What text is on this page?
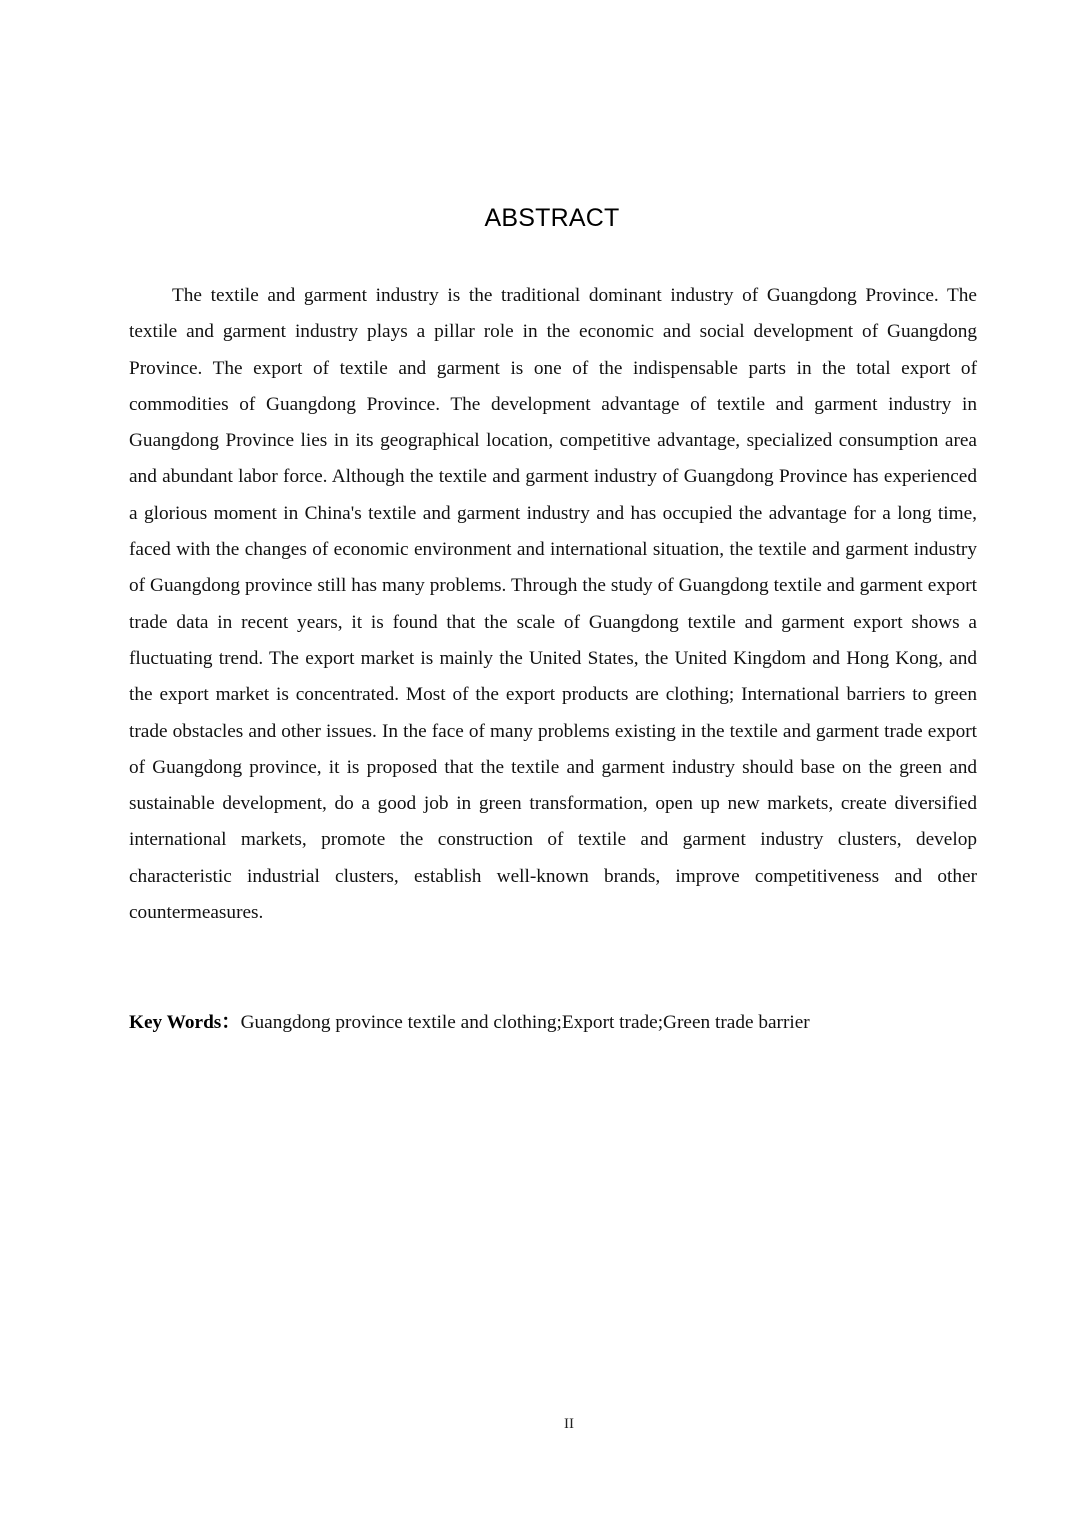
ABSTRACT

The textile and garment industry is the traditional dominant industry of Guangdong Province. The textile and garment industry plays a pillar role in the economic and social development of Guangdong Province. The export of textile and garment is one of the indispensable parts in the total export of commodities of Guangdong Province. The development advantage of textile and garment industry in Guangdong Province lies in its geographical location, competitive advantage, specialized consumption area and abundant labor force. Although the textile and garment industry of Guangdong Province has experienced a glorious moment in China's textile and garment industry and has occupied the advantage for a long time, faced with the changes of economic environment and international situation, the textile and garment industry of Guangdong province still has many problems. Through the study of Guangdong textile and garment export trade data in recent years, it is found that the scale of Guangdong textile and garment export shows a fluctuating trend. The export market is mainly the United States, the United Kingdom and Hong Kong, and the export market is concentrated. Most of the export products are clothing; International barriers to green trade obstacles and other issues. In the face of many problems existing in the textile and garment trade export of Guangdong province, it is proposed that the textile and garment industry should base on the green and sustainable development, do a good job in green transformation, open up new markets, create diversified international markets, promote the construction of textile and garment industry clusters, develop characteristic industrial clusters, establish well-known brands, improve competitiveness and other countermeasures.

Key Words：Guangdong province textile and clothing;Export trade;Green trade barrier

II
